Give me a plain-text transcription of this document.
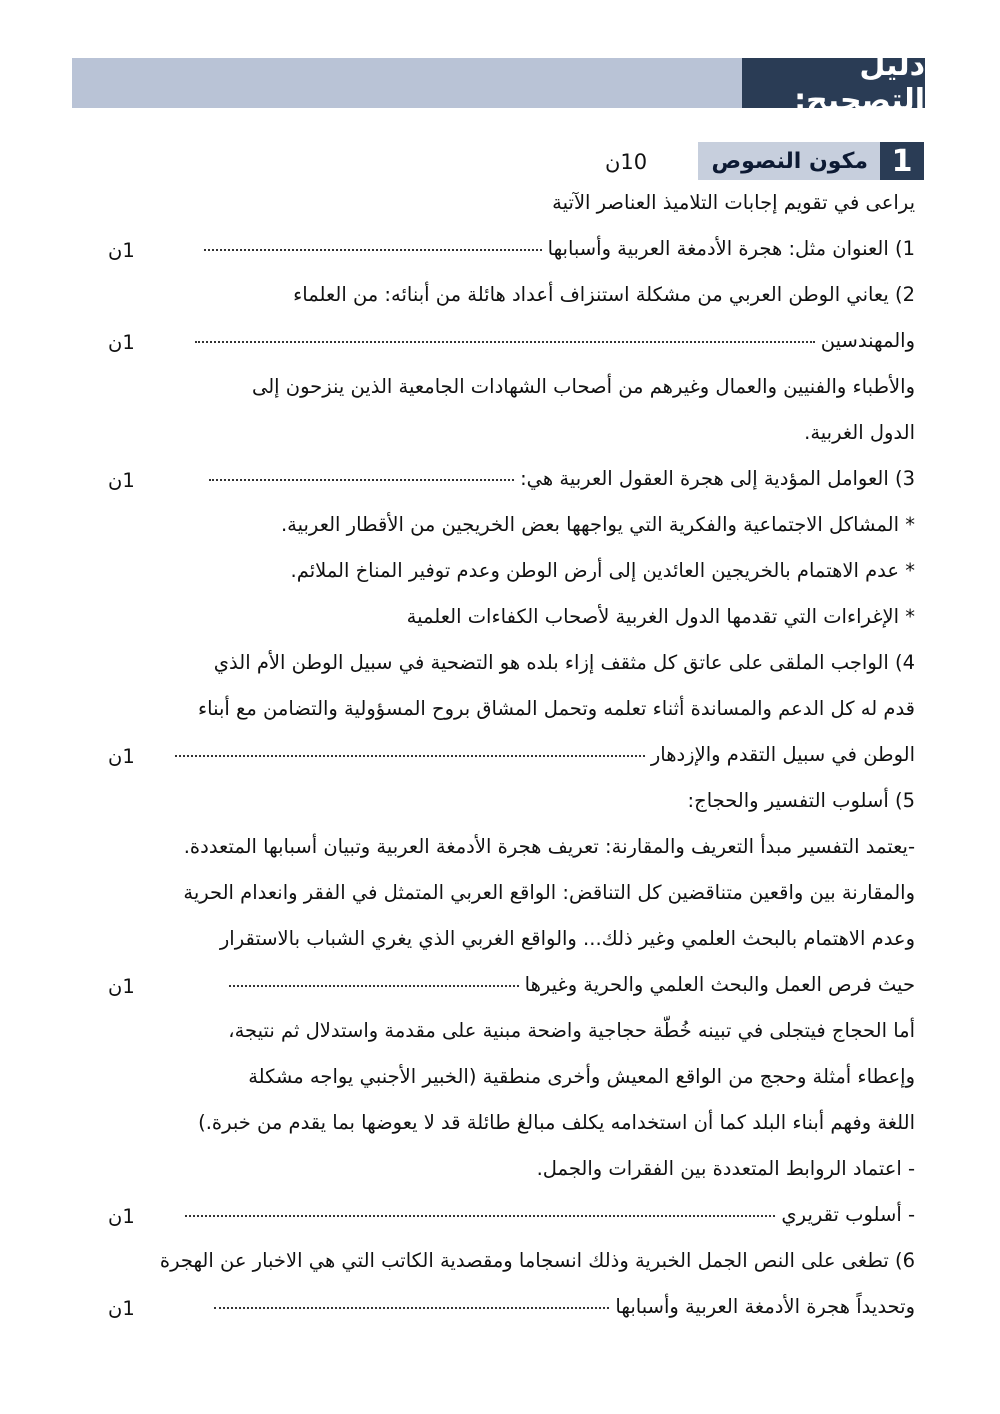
دليل التصحيح:
1
مكون النصوص
10ن
يراعى في تقويم إجابات التلاميذ العناصر الآتية
1) العنوان مثل: هجرة الأدمغة العربية وأسبابها
1ن
2) يعاني الوطن العربي من مشكلة استنزاف أعداد هائلة من أبنائه: من العلماء
والمهندسين
1ن
والأطباء والفنيين والعمال وغيرهم من أصحاب الشهادات الجامعية الذين ينزحون إلى
الدول الغربية.
3) العوامل المؤدية إلى هجرة العقول العربية هي:
1ن
* المشاكل الاجتماعية والفكرية التي يواجهها بعض الخريجين من الأقطار العربية.
* عدم الاهتمام بالخريجين العائدين إلى أرض الوطن وعدم توفير المناخ الملائم.
* الإغراءات التي تقدمها الدول الغربية لأصحاب الكفاءات العلمية
4) الواجب الملقى على عاتق كل مثقف إزاء بلده هو التضحية في سبيل الوطن الأم الذي
قدم له كل الدعم والمساندة أثناء تعلمه وتحمل المشاق بروح المسؤولية والتضامن مع أبناء
الوطن في سبيل التقدم والإزدهار
1ن
5) أسلوب التفسير والحجاج:
-يعتمد التفسير مبدأ التعريف والمقارنة: تعريف هجرة الأدمغة العربية وتبيان أسبابها المتعددة.
والمقارنة بين واقعين متناقضين كل التناقض: الواقع العربي المتمثل في الفقر وانعدام الحرية
وعدم الاهتمام بالبحث العلمي وغير ذلك... والواقع الغربي الذي يغري الشباب بالاستقرار
حيث فرص العمل والبحث العلمي والحرية وغيرها
1ن
أما الحجاج فيتجلى في تبينه خُطّة حجاجية واضحة مبنية على مقدمة واستدلال ثم نتيجة،
وإعطاء أمثلة وحجج من الواقع المعيش وأخرى منطقية (الخبير الأجنبي يواجه مشكلة
اللغة وفهم أبناء البلد كما أن استخدامه يكلف مبالغ طائلة قد لا يعوضها بما يقدم من خبرة.)
- اعتماد الروابط المتعددة بين الفقرات والجمل.
- أسلوب تقريري
1ن
6) تطغى على النص الجمل الخبرية وذلك انسجاما ومقصدية الكاتب التي هي الاخبار عن الهجرة
وتحديداً هجرة الأدمغة العربية وأسبابها
1ن
